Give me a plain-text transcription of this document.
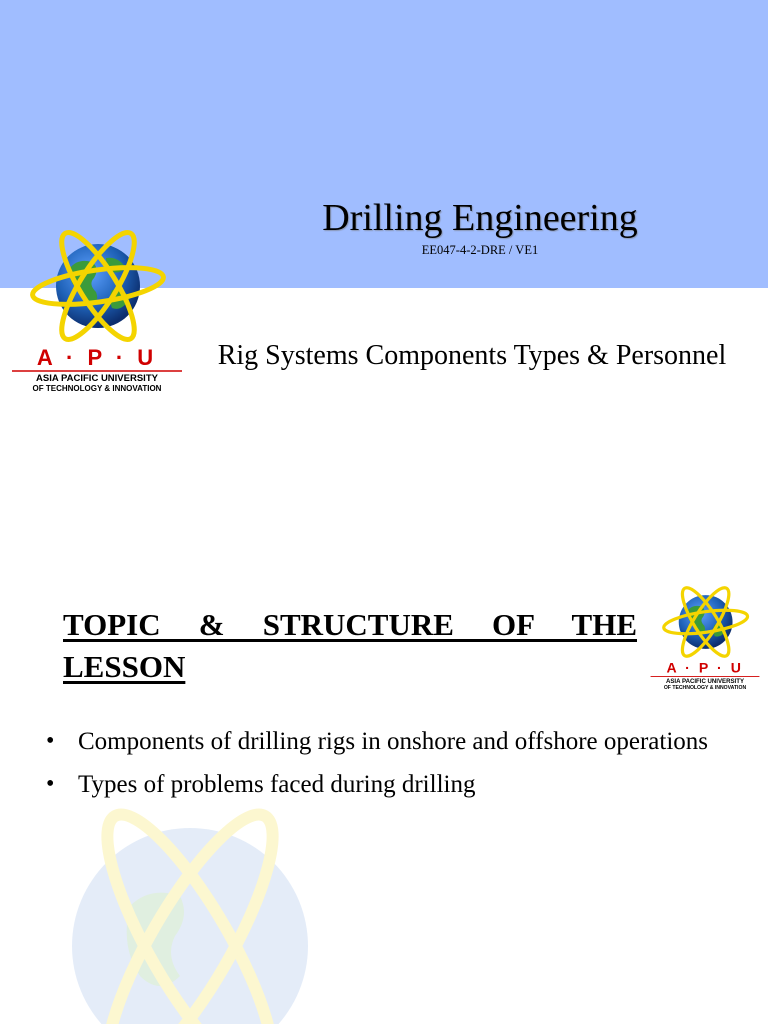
A · P · U
ASIA PACIFIC UNIVERSITY
OF TECHNOLOGY & INNOVATION
Drilling Engineering
EE047-4-2-DRE / VE1
Rig Systems Components Types & Personnel
TOPIC & STRUCTURE OF THE LESSON
• Components of drilling rigs in onshore and offshore operations
• Types of problems faced during drilling
A · P · U
ASIA PACIFIC UNIVERSITY
OF TECHNOLOGY & INNOVATION
